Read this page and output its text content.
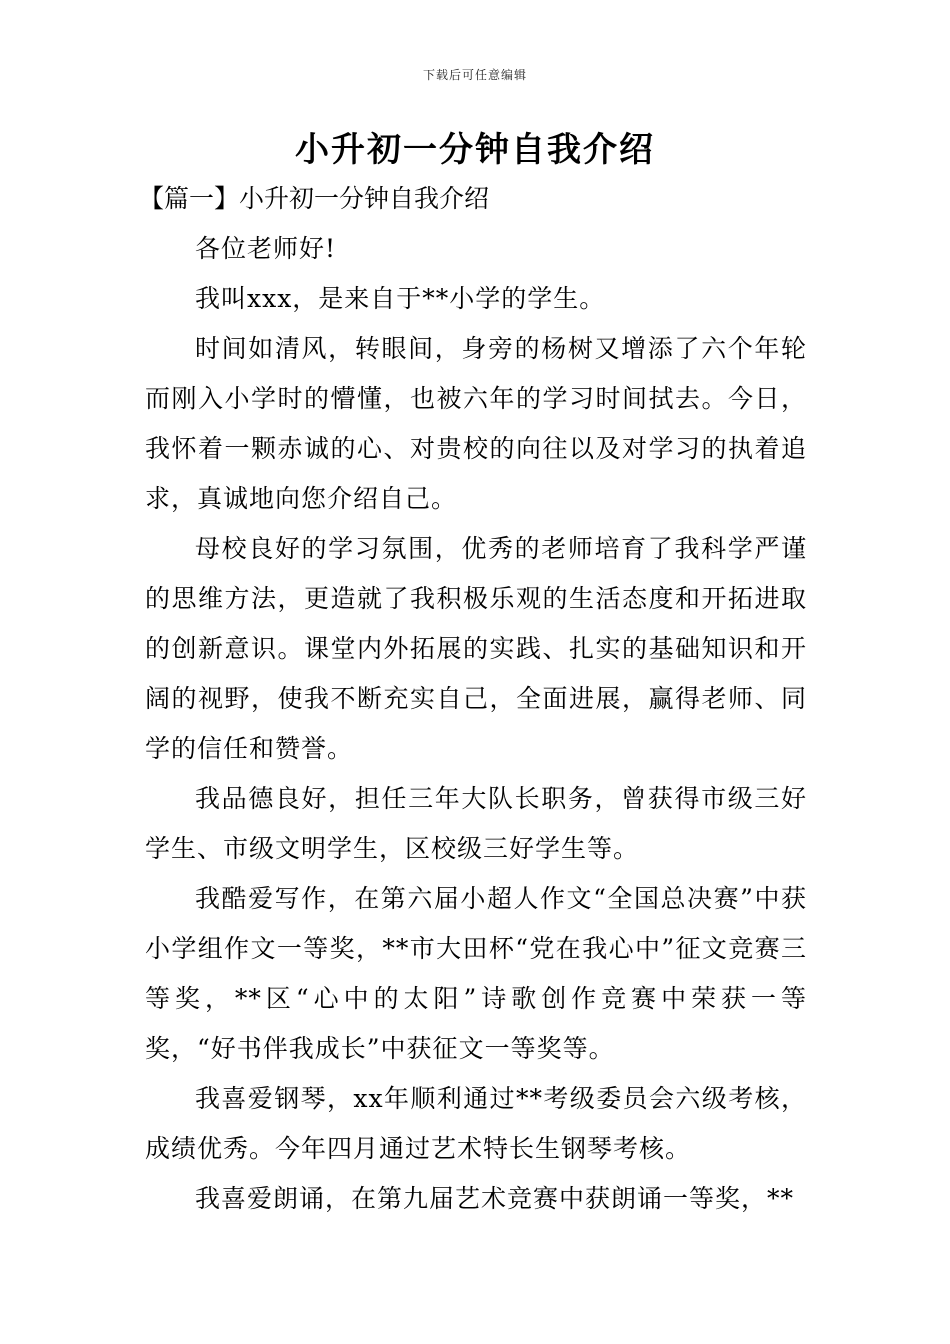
下载后可任意编辑
小升初一分钟自我介绍
【篇一】小升初一分钟自我介绍

各位老师好!

我叫xxx，是来自于**小学的学生。

时间如清风，转眼间，身旁的杨树又增添了六个年轮而刚入小学时的懵懂，也被六年的学习时间拭去。今日，我怀着一颗赤诚的心、对贵校的向往以及对学习的执着追求，真诚地向您介绍自己。

母校良好的学习氛围，优秀的老师培育了我科学严谨的思维方法，更造就了我积极乐观的生活态度和开拓进取的创新意识。课堂内外拓展的实践、扎实的基础知识和开阔的视野，使我不断充实自己，全面进展，赢得老师、同学的信任和赞誉。

我品德良好，担任三年大队长职务，曾获得市级三好学生、市级文明学生，区校级三好学生等。

我酷爱写作，在第六届小超人作文“全国总决赛”中获小学组作文一等奖，**市大田杯“党在我心中”征文竞赛三等奖，**区“心中的太阳”诗歌创作竞赛中荣获一等奖，“好书伴我成长”中获征文一等奖等。

我喜爱钢琴，xx年顺利通过**考级委员会六级考核，成绩优秀。今年四月通过艺术特长生钢琴考核。

我喜爱朗诵，在第九届艺术竞赛中获朗诵一等奖，**
